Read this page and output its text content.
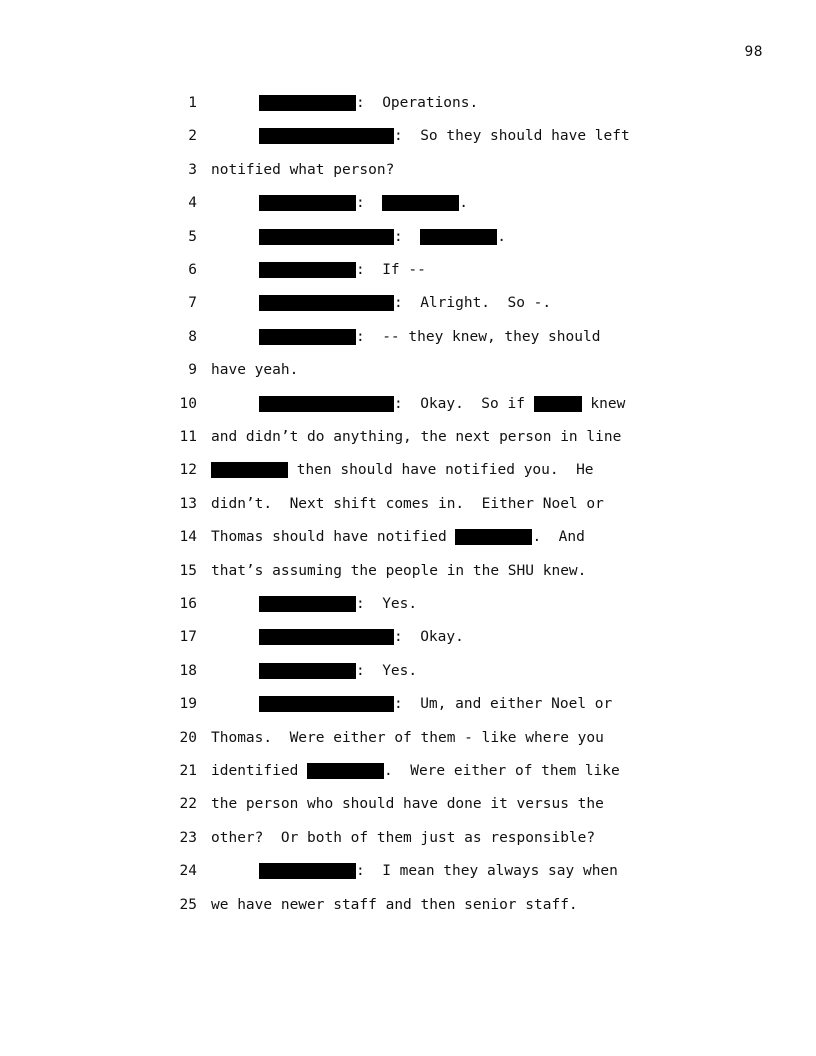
98
1	:  Operations.
2	:  So they should have left
3 notified what person?
4	:	.
5	:	.
6	:  If --
7	:  Alright.  So -.
8	:  -- they knew, they should
9 have yeah.
10	:  Okay.  So if	knew
11 and didn’t do anything, the next person in line
12	then should have notified you.  He
13 didn’t.  Next shift comes in.  Either Noel or
14 Thomas should have notified	.  And
15 that’s assuming the people in the SHU knew.
16	:  Yes.
17	:  Okay.
18	:  Yes.
19	:  Um, and either Noel or
20 Thomas.  Were either of them - like where you
21 identified	.  Were either of them like
22 the person who should have done it versus the
23 other?  Or both of them just as responsible?
24	:  I mean they always say when
25 we have newer staff and then senior staff.
